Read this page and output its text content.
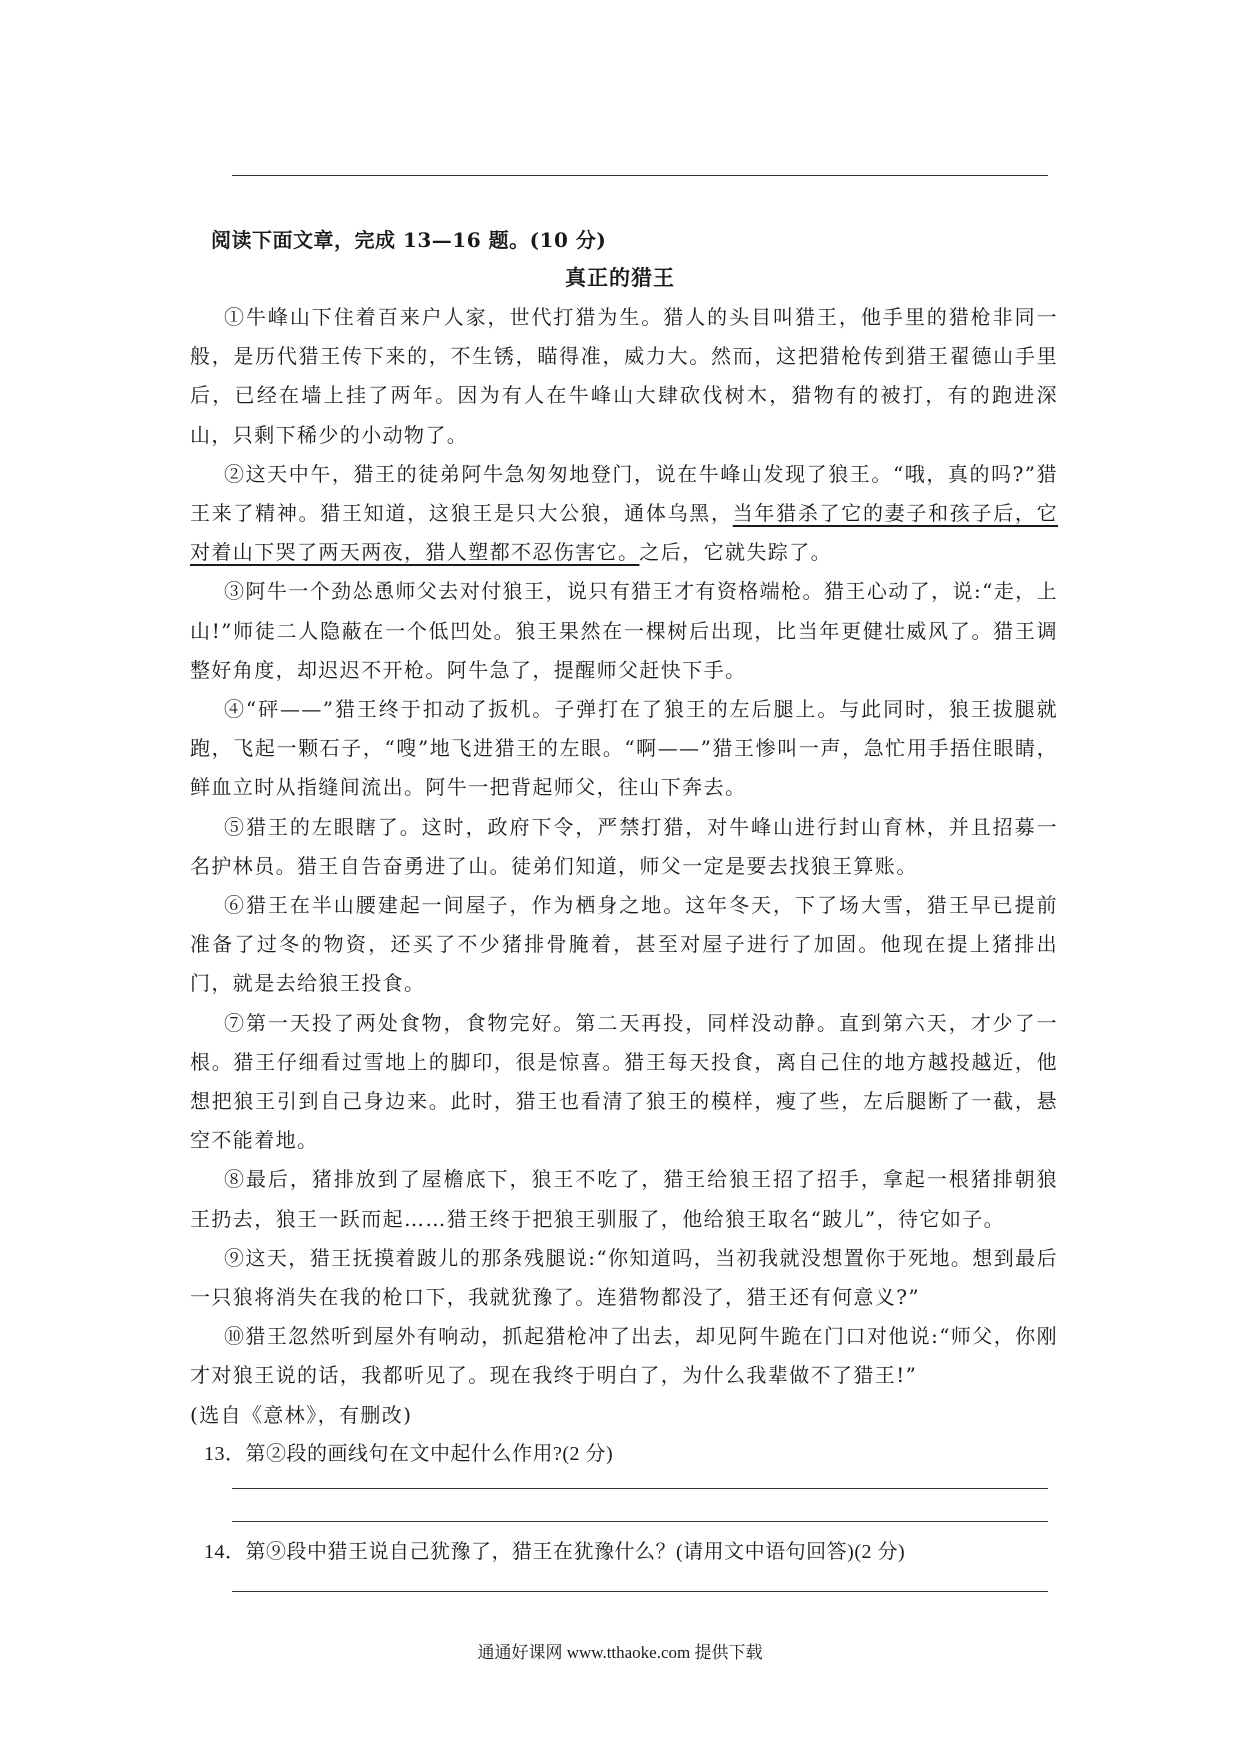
阅读下面文章，完成 13—16 题。(10 分)
真正的猎王

①牛峰山下住着百来户人家，世代打猎为生。猎人的头目叫猎王，他手里的猎枪非同一般，是历代猎王传下来的，不生锈，瞄得准，威力大。然而，这把猎枪传到猎王翟德山手里后，已经在墙上挂了两年。因为有人在牛峰山大肆砍伐树木，猎物有的被打，有的跑进深山，只剩下稀少的小动物了。

②这天中午，猎王的徒弟阿牛急匆匆地登门，说在牛峰山发现了狼王。“哦，真的吗?”猎王来了精神。猎王知道，这狼王是只大公狼，通体乌黑，当年猎杀了它的妻子和孩子后，它对着山下哭了两天两夜，猎人塑都不忍伤害它。之后，它就失踪了。

③阿牛一个劲怂恿师父去对付狼王，说只有猎王才有资格端枪。猎王心动了，说:“走，上山!”师徒二人隐蔽在一个低凹处。狼王果然在一棵树后出现，比当年更健壮威风了。猎王调整好角度，却迟迟不开枪。阿牛急了，提醒师父赶快下手。

④“砰——”猎王终于扣动了扳机。子弹打在了狼王的左后腿上。与此同时，狼王拔腿就跑，飞起一颗石子，“嗖”地飞进猎王的左眼。“啊——”猎王惨叫一声，急忙用手捂住眼睛，鲜血立时从指缝间流出。阿牛一把背起师父，往山下奔去。

⑤猎王的左眼瞎了。这时，政府下令，严禁打猎，对牛峰山进行封山育林，并且招募一名护林员。猎王自告奋勇进了山。徒弟们知道，师父一定是要去找狼王算账。

⑥猎王在半山腰建起一间屋子，作为栖身之地。这年冬天，下了场大雪，猎王早已提前准备了过冬的物资，还买了不少猪排骨腌着，甚至对屋子进行了加固。他现在提上猪排出门，就是去给狼王投食。

⑦第一天投了两处食物，食物完好。第二天再投，同样没动静。直到第六天，才少了一根。猎王仔细看过雪地上的脚印，很是惊喜。猎王每天投食，离自己住的地方越投越近，他想把狼王引到自己身边来。此时，猎王也看清了狼王的模样，瘦了些，左后腿断了一截，悬空不能着地。

⑧最后，猪排放到了屋檐底下，狼王不吃了，猎王给狼王招了招手，拿起一根猪排朝狼王扔去，狼王一跃而起……猎王终于把狼王驯服了，他给狼王取名“跛儿”，待它如子。

⑨这天，猎王抚摸着跛儿的那条残腿说:“你知道吗，当初我就没想置你于死地。想到最后一只狼将消失在我的枪口下，我就犹豫了。连猎物都没了，猎王还有何意义?”

⑩猎王忽然听到屋外有响动，抓起猎枪冲了出去，却见阿牛跪在门口对他说:“师父，你刚才对狼王说的话，我都听见了。现在我终于明白了，为什么我辈做不了猎王!”

(选自《意林》，有删改)

13．第②段的画线句在文中起什么作用?(2 分)
14．第⑨段中猎王说自己犹豫了，猎王在犹豫什么？(请用文中语句回答)(2 分)
通通好课网 www.tthaoke.com 提供下载
